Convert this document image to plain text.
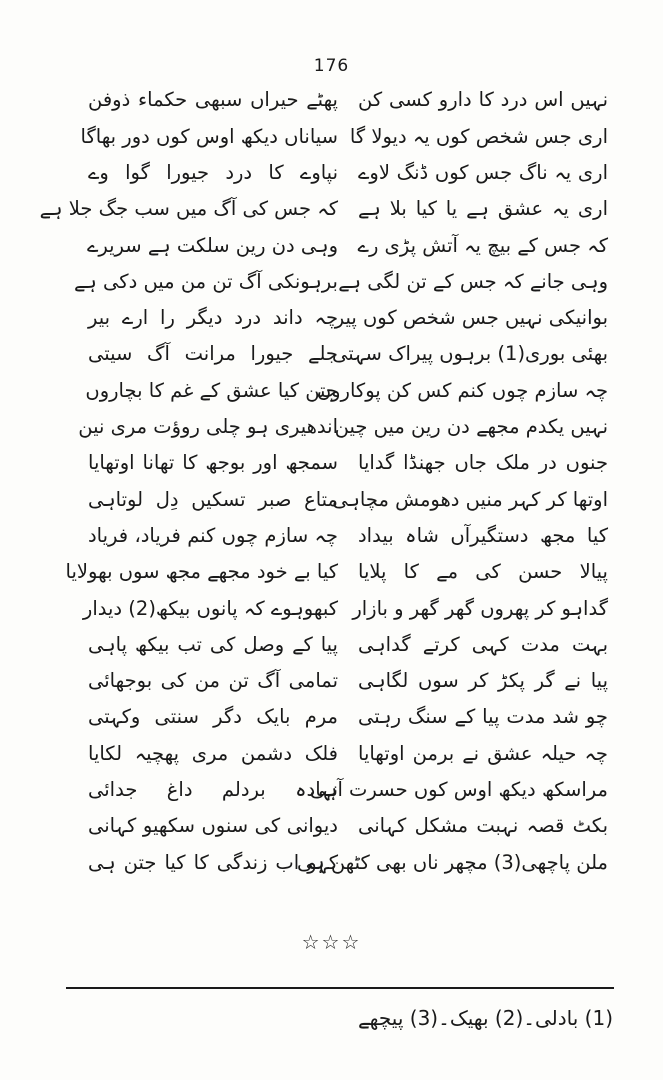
176
نہیں اس درد کا دارو کسی کن
پھٹے حیراں سبھی حکماء ذوفن
اری جس شخص کوں یہ دیولا گا
سیاناں دیکھ اوس کوں دور بھاگا
اری یہ ناگ جس کوں ڈنگ لاوے
نپاوے کا درد جیورا گوا وے
اری یہ عشق ہے یا کیا بلا ہے
کہ جس کی آگ میں سب جگ جلا ہے
کہ جس کے بیچ یہ آتش پڑی رے
وہی دن رین سلکت ہے سریرے
وہی جانے کہ جس کے تن لگی ہے
برہونکی آگ تن من میں دکی ہے
بوانیکی نہیں جس شخص کوں پیر
چہ داند درد دیگر را ارے بیر
بھئی بوری(1) برہوں پیراک سہتی
جلے جیورا مرانت آگ سیتی
چہ سازم چوں کنم کس کن پوکاروں
جتن کیا عشق کے غم کا بچاروں
نہیں یکدم مجھے دن رین میں چین
اندھیری ہو چلی روؤت مری نین
جنوں در ملک جاں جھنڈا گدایا
سمجھ اور بوجھ کا تھانا اوتھایا
اوتھا کر کہر منیں دھومش مچاہی
متاع صبر تسکیں دِل لوتاہی
کیا مجھ دستگیرآں شاہ بیداد
چہ سازم چوں کنم فریاد، فریاد
پیالا حسن کی مے کا پلایا
کیا بے خود مجھے مجھ سوں بھولایا
گداہو کر پھروں گھر گھر و بازار
کبھوہوے کہ پانوں بیکھ(2) دیدار
بہت مدت کہی کرتے گداہی
پیا کے وصل کی تب بیکھ پاہی
پیا نے گر پکڑ کر سوں لگاہی
تمامی آگ تن من کی بوجھائی
چو شد مدت پیا کے سنگ رہتی
مرم بایک دگر سنتی وکہتی
چہ حیلہ عشق نے برمن اوتھایا
فلک دشمن مری پھچیہ لکایا
مراسکھ دیکھ اوس کوں حسرت آہی
نہادہ بردلم داغ جدائی
بکٹ قصہ نہبت مشکل کہانی
دیوانی کی سنوں سکھیو کہانی
ملن پاچھی(3) مچھر ناں بھی کٹھن ہی
کہو اب زندگی کا کیا جتن ہی
☆☆☆
(1) بادلی۔(2) بھیک۔(3) پیچھے
